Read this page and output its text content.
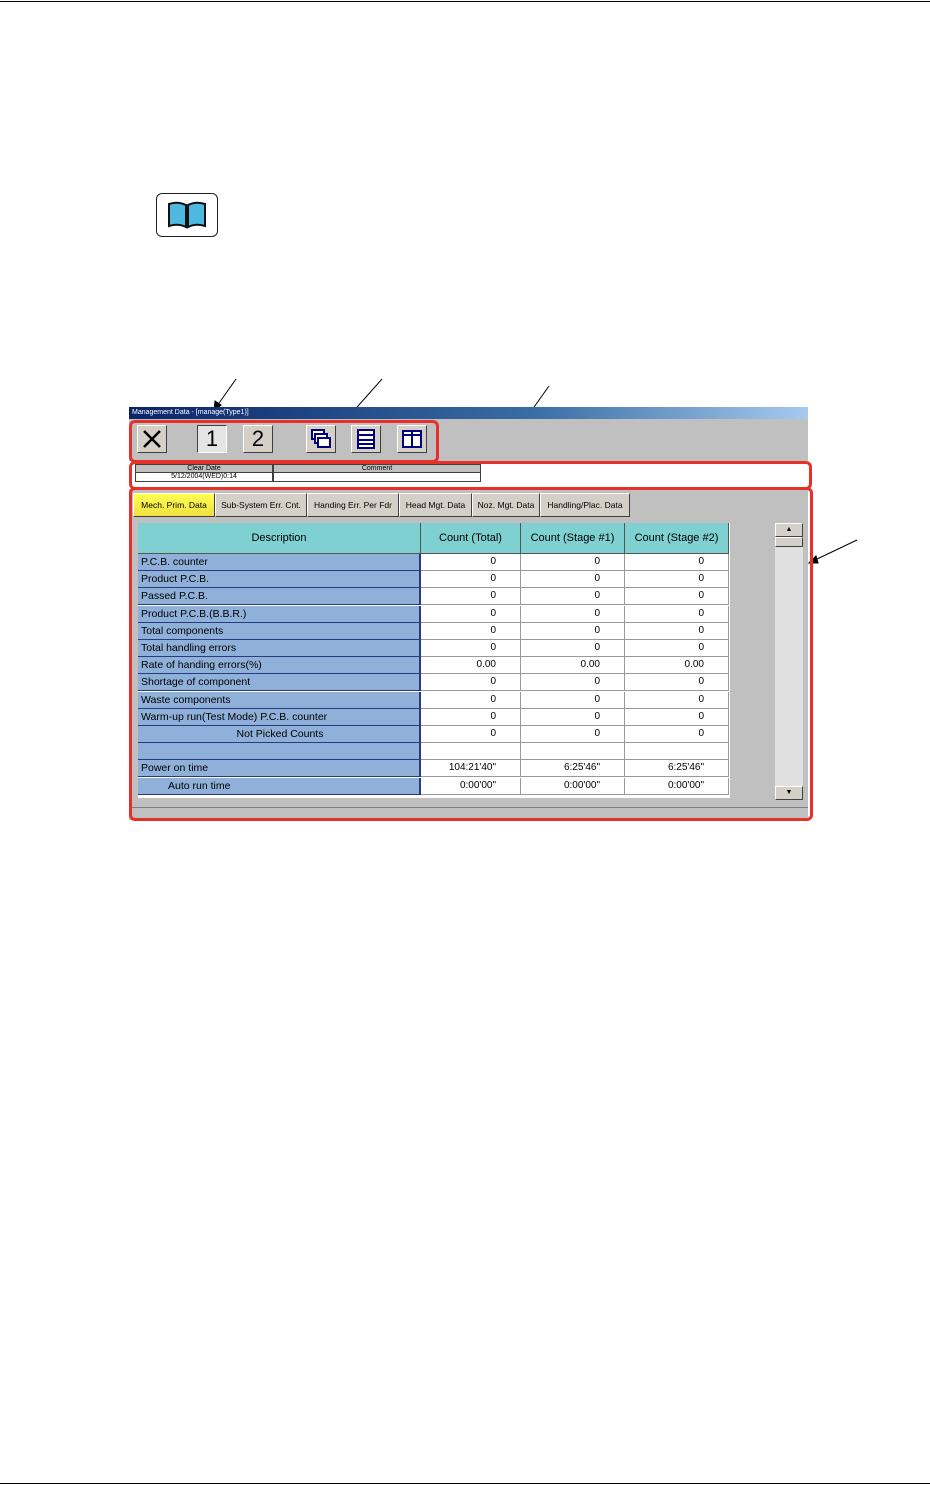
Management Data - [manage(Type1)]
1	2
Clear Date	Comment
5/12/2004(WED)0:14
Mech. Prim. Data	Sub-System Err. Cnt.	Handing Err. Per Fdr	Head Mgt. Data	Noz. Mgt. Data	Handling/Plac. Data
Description	Count (Total)	Count (Stage #1)	Count (Stage #2)
P.C.B. counter	0	0	0
Product P.C.B.	0	0	0
Passed P.C.B.	0	0	0
Product P.C.B.(B.B.R.)	0	0	0
Total components	0	0	0
Total handling errors	0	0	0
Rate of handing errors(%)	0.00	0.00	0.00
Shortage of component	0	0	0
Waste components	0	0	0
Warm-up run(Test Mode) P.C.B. counter	0	0	0
Not Picked Counts	0	0	0
Power on time	104:21'40"	6:25'46"	6:25'46"
Auto run time	0:00'00"	0:00'00"	0:00'00"
▲
▼
